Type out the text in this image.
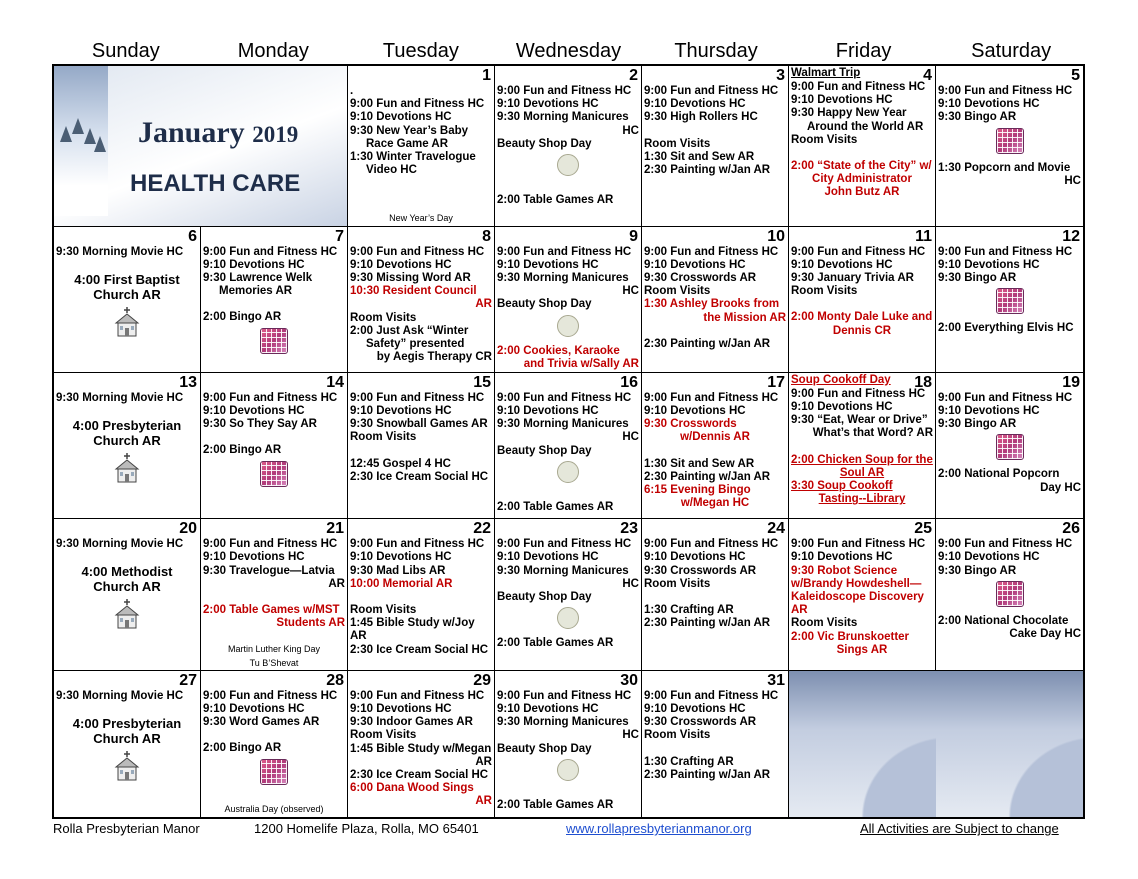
Sunday	Monday	Tuesday	Wednesday	Thursday	Friday	Saturday
January 2019
HEALTH CARE
1
.
9:00 Fun and Fitness HC
9:10 Devotions HC
9:30 New Year’s Baby
Race Game AR
1:30 Winter Travelogue
Video HC
New Year’s Day
2
9:00 Fun and Fitness HC
9:10 Devotions HC
9:30 Morning Manicures
HC
Beauty Shop Day
2:00 Table Games AR
3
9:00 Fun and Fitness HC
9:10 Devotions HC
9:30 High Rollers HC
Room Visits
1:30 Sit and Sew AR
2:30 Painting w/Jan AR
4
Walmart Trip
9:00 Fun and Fitness HC
9:10 Devotions HC
9:30 Happy New Year
Around the World AR
Room Visits
2:00 “State of the City” w/
City Administrator
John Butz AR
5
9:00 Fun and Fitness HC
9:10 Devotions HC
9:30 Bingo AR
1:30 Popcorn and Movie
HC
6
9:30 Morning Movie HC
4:00 First Baptist
Church AR
7
9:00 Fun and Fitness HC
9:10 Devotions HC
9:30 Lawrence Welk
Memories AR
2:00 Bingo AR
8
9:00 Fun and Fitness HC
9:10 Devotions HC
9:30 Missing Word AR
10:30 Resident Council
AR
Room Visits
2:00 Just Ask “Winter
Safety” presented
by Aegis Therapy CR
9
9:00 Fun and Fitness HC
9:10 Devotions HC
9:30 Morning Manicures
HC
Beauty Shop Day
2:00 Cookies, Karaoke
and Trivia w/Sally AR
10
9:00 Fun and Fitness HC
9:10 Devotions HC
9:30 Crosswords AR
Room Visits
1:30 Ashley Brooks from
the Mission AR
2:30 Painting w/Jan AR
11
9:00 Fun and Fitness HC
9:10 Devotions HC
9:30 January Trivia AR
Room Visits
2:00 Monty Dale Luke and
Dennis CR
12
9:00 Fun and Fitness HC
9:10 Devotions HC
9:30 Bingo AR
2:00 Everything Elvis HC
13
9:30 Morning Movie HC
4:00 Presbyterian
Church AR
14
9:00 Fun and Fitness HC
9:10 Devotions HC
9:30 So They Say AR
2:00 Bingo AR
15
9:00 Fun and Fitness HC
9:10 Devotions HC
9:30 Snowball Games AR
Room Visits
12:45 Gospel 4 HC
2:30 Ice Cream Social HC
16
9:00 Fun and Fitness HC
9:10 Devotions HC
9:30 Morning Manicures
HC
Beauty Shop Day
2:00 Table Games AR
17
9:00 Fun and Fitness HC
9:10 Devotions HC
9:30 Crosswords
w/Dennis AR
1:30 Sit and Sew AR
2:30 Painting w/Jan AR
6:15 Evening Bingo
w/Megan HC
18
Soup Cookoff Day
9:00 Fun and Fitness HC
9:10 Devotions HC
9:30 “Eat, Wear or Drive”
What’s that Word? AR
2:00 Chicken Soup for the
Soul AR
3:30 Soup Cookoff
Tasting--Library
19
9:00 Fun and Fitness HC
9:10 Devotions HC
9:30 Bingo AR
2:00 National Popcorn
Day HC
20
9:30 Morning Movie HC
4:00 Methodist
Church AR
21
9:00 Fun and Fitness HC
9:10 Devotions HC
9:30 Travelogue—Latvia
AR
2:00 Table Games w/MST
Students AR
Martin Luther King Day
Tu B’Shevat
22
9:00 Fun and Fitness HC
9:10 Devotions HC
9:30 Mad Libs AR
10:00 Memorial AR
Room Visits
1:45 Bible Study w/Joy AR
2:30 Ice Cream Social HC
23
9:00 Fun and Fitness HC
9:10 Devotions HC
9:30 Morning Manicures
HC
Beauty Shop Day
2:00 Table Games AR
24
9:00 Fun and Fitness HC
9:10 Devotions HC
9:30 Crosswords AR
Room Visits
1:30 Crafting AR
2:30 Painting w/Jan AR
25
9:00 Fun and Fitness HC
9:10 Devotions HC
9:30 Robot Science
w/Brandy Howdeshell—
Kaleidoscope Discovery
AR
Room Visits
2:00 Vic Brunskoetter
Sings AR
26
9:00 Fun and Fitness HC
9:10 Devotions HC
9:30 Bingo AR
2:00 National Chocolate
Cake Day HC
27
9:30 Morning Movie HC
4:00 Presbyterian
Church AR
28
9:00 Fun and Fitness HC
9:10 Devotions HC
9:30 Word Games AR
2:00 Bingo AR
Australia Day (observed)
29
9:00 Fun and Fitness HC
9:10 Devotions HC
9:30 Indoor Games AR
Room Visits
1:45 Bible Study w/Megan
AR
2:30 Ice Cream Social HC
6:00 Dana Wood Sings
AR
30
9:00 Fun and Fitness HC
9:10 Devotions HC
9:30 Morning Manicures
HC
Beauty Shop Day
2:00 Table Games AR
31
9:00 Fun and Fitness HC
9:10 Devotions HC
9:30 Crosswords AR
Room Visits
1:30 Crafting AR
2:30 Painting w/Jan AR
Rolla Presbyterian Manor	1200 Homelife Plaza, Rolla, MO 65401	www.rollapresbyterianmanor.org	All Activities are Subject to change
